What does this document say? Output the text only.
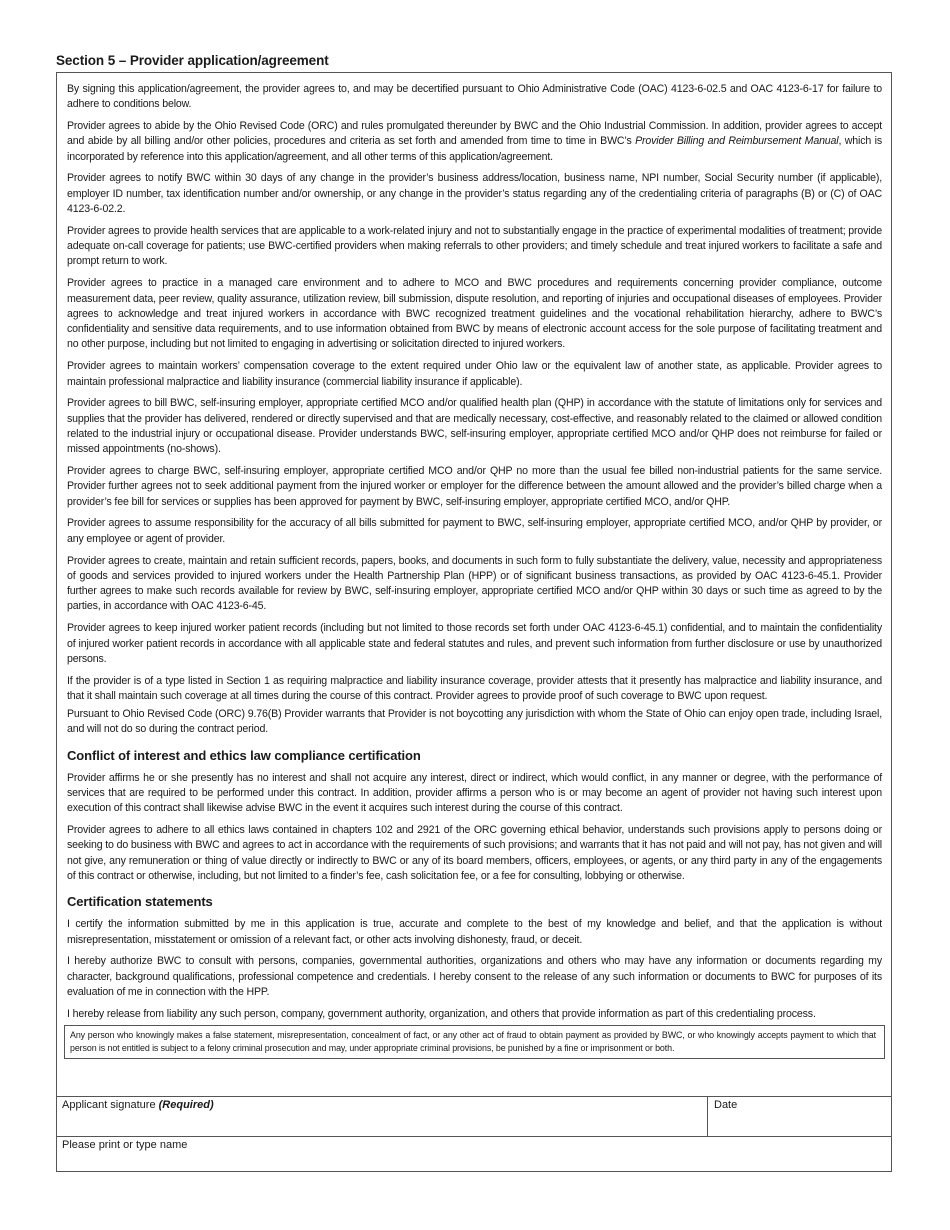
Section 5 – Provider application/agreement

By signing this application/agreement, the provider agrees to, and may be decertified pursuant to Ohio Administrative Code (OAC) 4123-6-02.5 and OAC 4123-6-17 for failure to adhere to conditions below.

Provider agrees to abide by the Ohio Revised Code (ORC) and rules promulgated thereunder by BWC and the Ohio Industrial Commission. In addition, provider agrees to accept and abide by all billing and/or other policies, procedures and criteria as set forth and amended from time to time in BWC’s Provider Billing and Reimbursement Manual, which is incorporated by reference into this application/agreement, and all other terms of this application/agreement.

Provider agrees to notify BWC within 30 days of any change in the provider’s business address/location, business name, NPI number, Social Security number (if applicable), employer ID number, tax identification number and/or ownership, or any change in the provider’s status regarding any of the credentialing criteria of paragraphs (B) or (C) of OAC 4123-6-02.2.

Provider agrees to provide health services that are applicable to a work-related injury and not to substantially engage in the practice of experimental modalities of treatment; provide adequate on-call coverage for patients; use BWC-certified providers when making referrals to other providers; and timely schedule and treat injured workers to facilitate a safe and prompt return to work.

Provider agrees to practice in a managed care environment and to adhere to MCO and BWC procedures and requirements concerning provider compliance, outcome measurement data, peer review, quality assurance, utilization review, bill submission, dispute resolution, and reporting of injuries and occupational diseases of employees. Provider agrees to acknowledge and treat injured workers in accordance with BWC recognized treatment guidelines and the vocational rehabilitation hierarchy, adhere to BWC’s confidentiality and sensitive data requirements, and to use information obtained from BWC by means of electronic account access for the sole purpose of facilitating treatment and no other purpose, including but not limited to engaging in advertising or solicitation directed to injured workers.

Provider agrees to maintain workers’ compensation coverage to the extent required under Ohio law or the equivalent law of another state, as applicable. Provider agrees to maintain professional malpractice and liability insurance (commercial liability insurance if applicable).

Provider agrees to bill BWC, self-insuring employer, appropriate certified MCO and/or qualified health plan (QHP) in accordance with the statute of limitations only for services and supplies that the provider has delivered, rendered or directly supervised and that are medically necessary, cost-effective, and reasonably related to the claimed or allowed condition related to the industrial injury or occupational disease. Provider understands BWC, self-insuring employer, appropriate certified MCO and/or QHP does not reimburse for failed or missed appointments (no-shows).

Provider agrees to charge BWC, self-insuring employer, appropriate certified MCO and/or QHP no more than the usual fee billed non-industrial patients for the same service. Provider further agrees not to seek additional payment from the injured worker or employer for the difference between the amount allowed and the provider’s billed charge when a provider’s fee bill for services or supplies has been approved for payment by BWC, self-insuring employer, appropriate certified MCO, and/or QHP.

Provider agrees to assume responsibility for the accuracy of all bills submitted for payment to BWC, self-insuring employer, appropriate certified MCO, and/or QHP by provider, or any employee or agent of provider.

Provider agrees to create, maintain and retain sufficient records, papers, books, and documents in such form to fully substantiate the delivery, value, necessity and appropriateness of goods and services provided to injured workers under the Health Partnership Plan (HPP) or of significant business transactions, as provided by OAC 4123-6-45.1. Provider further agrees to make such records available for review by BWC, self-insuring employer, appropriate certified MCO and/or QHP within 30 days or such time as agreed to by the parties, in accordance with OAC 4123-6-45.

Provider agrees to keep injured worker patient records (including but not limited to those records set forth under OAC 4123-6-45.1) confidential, and to maintain the confidentiality of injured worker patient records in accordance with all applicable state and federal statutes and rules, and prevent such information from further disclosure or use by unauthorized persons.

If the provider is of a type listed in Section 1 as requiring malpractice and liability insurance coverage, provider attests that it presently has malpractice and liability insurance, and that it shall maintain such coverage at all times during the course of this contract. Provider agrees to provide proof of such coverage to BWC upon request.

Pursuant to Ohio Revised Code (ORC) 9.76(B) Provider warrants that Provider is not boycotting any jurisdiction with whom the State of Ohio can enjoy open trade, including Israel, and will not do so during the contract period.

Conflict of interest and ethics law compliance certification

Provider affirms he or she presently has no interest and shall not acquire any interest, direct or indirect, which would conflict, in any manner or degree, with the performance of services that are required to be performed under this contract. In addition, provider affirms a person who is or may become an agent of provider not having such interest upon execution of this contract shall likewise advise BWC in the event it acquires such interest during the course of this contract.

Provider agrees to adhere to all ethics laws contained in chapters 102 and 2921 of the ORC governing ethical behavior, understands such provisions apply to persons doing or seeking to do business with BWC and agrees to act in accordance with the requirements of such provisions; and warrants that it has not paid and will not pay, has not given and will not give, any remuneration or thing of value directly or indirectly to BWC or any of its board members, officers, employees, or agents, or any third party in any of the engagements of this contract or otherwise, including, but not limited to a finder’s fee, cash solicitation fee, or a fee for consulting, lobbying or otherwise.

Certification statements

I certify the information submitted by me in this application is true, accurate and complete to the best of my knowledge and belief, and that the application is without misrepresentation, misstatement or omission of a relevant fact, or other acts involving dishonesty, fraud, or deceit.

I hereby authorize BWC to consult with persons, companies, governmental authorities, organizations and others who may have any information or documents regarding my character, background qualifications, professional competence and credentials. I hereby consent to the release of any such information or documents to BWC for purposes of its evaluation of me in connection with the HPP.

I hereby release from liability any such person, company, government authority, organization, and others that provide information as part of this credentialing process.

Any person who knowingly makes a false statement, misrepresentation, concealment of fact, or any other act of fraud to obtain payment as provided by BWC, or who knowingly accepts payment to which that person is not entitled is subject to a felony criminal prosecution and may, under appropriate criminal provisions, be punished by a fine or imprisonment or both.
Applicant signature (Required)	Date
Please print or type name
